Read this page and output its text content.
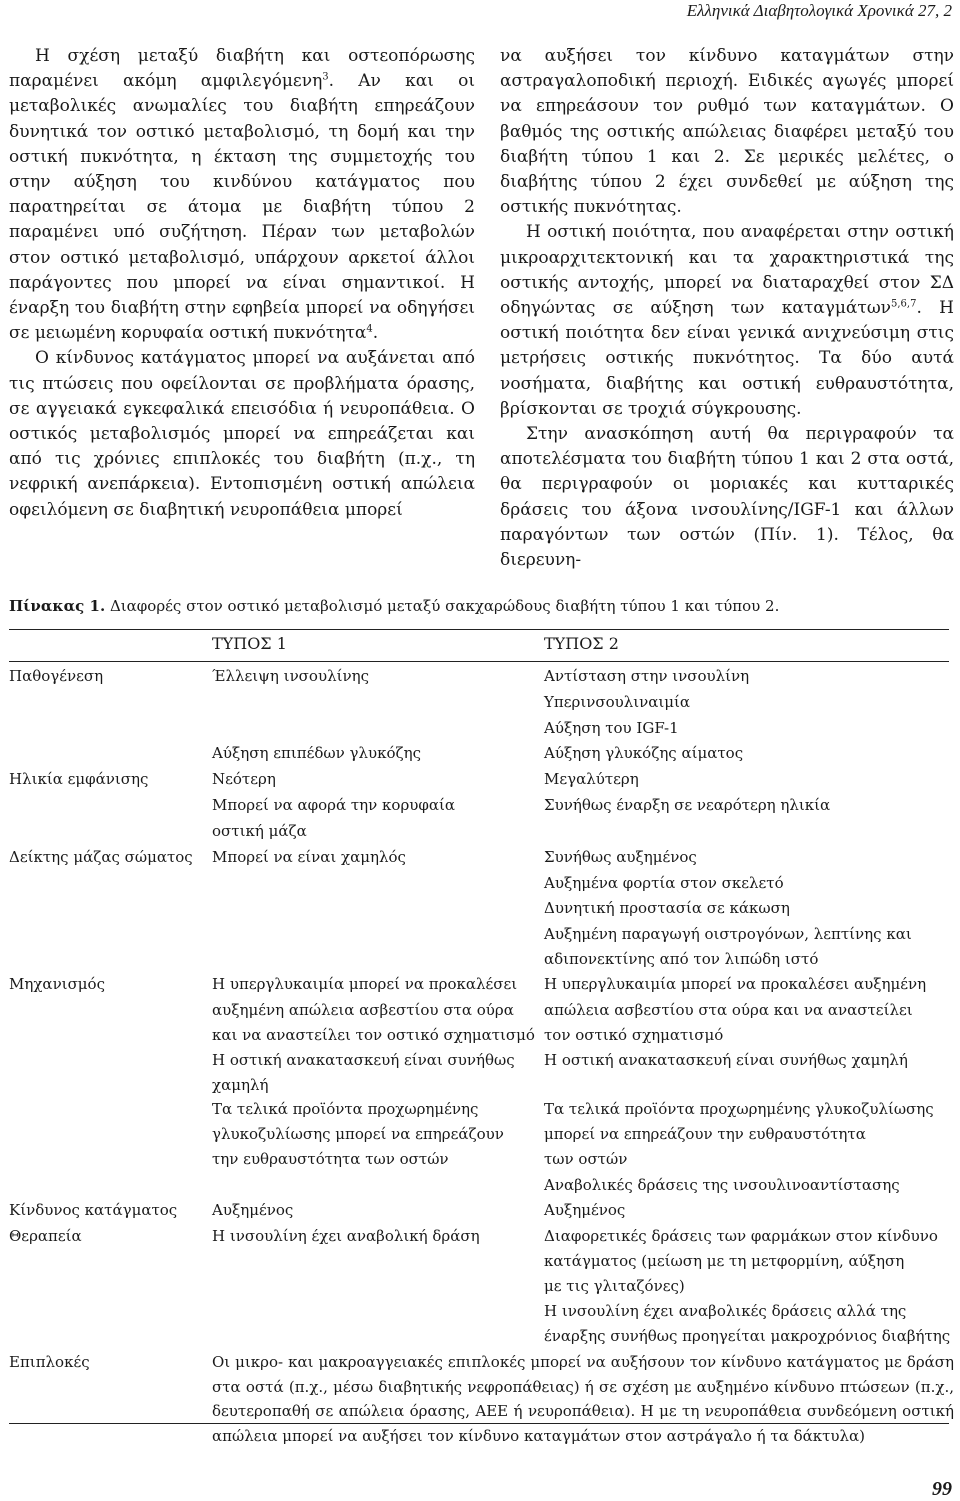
Ελληνικά Διαβητολογικά Χρονικά 27, 2

Η σχέση μεταξύ διαβήτη και οστεοπόρωσης παραμένει ακόμη αμφιλεγόμενη$^3$. Αν και οι μεταβολικές ανωμαλίες του διαβήτη επηρεάζουν δυνητικά τον οστικό μεταβολισμό, τη δομή και την οστική πυκνότητα, η έκταση της συμμετοχής του στην αύξηση του κινδύνου κατάγματος που παρατηρείται σε άτομα με διαβήτη τύπου 2 παραμένει υπό συζήτηση. Πέραν των μεταβολών στον οστικό μεταβολισμό, υπάρχουν αρκετοί άλλοι παράγοντες που μπορεί να είναι σημαντικοί. Η έναρξη του διαβήτη στην εφηβεία μπορεί να οδηγήσει σε μειωμένη κορυφαία οστική πυκνότητα$^4$.

Ο κίνδυνος κατάγματος μπορεί να αυξάνεται από τις πτώσεις που οφείλονται σε προβλήματα όρασης, σε αγγειακά εγκεφαλικά επεισόδια ή νευροπάθεια. Ο οστικός μεταβολισμός μπορεί να επηρεάζεται και από τις χρόνιες επιπλοκές του διαβήτη (π.χ., τη νεφρική ανεπάρκεια). Εντοπισμένη οστική απώλεια οφειλόμενη σε διαβητική νευροπάθεια μπορεί

να αυξήσει τον κίνδυνο καταγμάτων στην αστραγαλοποδική περιοχή. Ειδικές αγωγές μπορεί να επηρεάσουν τον ρυθμό των καταγμάτων. Ο βαθμός της οστικής απώλειας διαφέρει μεταξύ του διαβήτη τύπου 1 και 2. Σε μερικές μελέτες, ο διαβήτης τύπου 2 έχει συνδεθεί με αύξηση της οστικής πυκνότητας.

Η οστική ποιότητα, που αναφέρεται στην οστική μικροαρχιτεκτονική και τα χαρακτηριστικά της οστικής αντοχής, μπορεί να διαταραχθεί στον ΣΔ οδηγώντας σε αύξηση των καταγμάτων$^{5,6,7}$. Η οστική ποιότητα δεν είναι γενικά ανιχνεύσιμη στις μετρήσεις οστικής πυκνότητος. Τα δύο αυτά νοσήματα, διαβήτης και οστική ευθραυστότητα, βρίσκονται σε τροχιά σύγκρουσης.

Στην ανασκόπηση αυτή θα περιγραφούν τα αποτελέσματα του διαβήτη τύπου 1 και 2 στα οστά, θα περιγραφούν οι μοριακές και κυτταρικές δράσεις του άξονα ινσουλίνης/IGF-1 και άλλων παραγόντων των οστών (Πίν. 1). Τέλος, θα διερευνη-

Πίνακας 1. Διαφορές στον οστικό μεταβολισμό μεταξύ σακχαρώδους διαβήτη τύπου 1 και τύπου 2.
ΤΥΠΟΣ 1	ΤΥΠΟΣ 2
Παθογένεση
Ηλικία εμφάνισης
Δείκτης μάζας σώματος
Μηχανισμός
Κίνδυνος κατάγματος
Θεραπεία
Επιπλοκές
Έλλειψη ινσουλίνης
Αύξηση επιπέδων γλυκόζης
Νεότερη
Μπορεί να αφορά την κορυφαία
οστική μάζα
Μπορεί να είναι χαμηλός
Η υπεργλυκαιμία μπορεί να προκαλέσει
αυξημένη απώλεια ασβεστίου στα ούρα
και να αναστείλει τον οστικό σχηματισμό
Η οστική ανακατασκευή είναι συνήθως
χαμηλή
Τα τελικά προϊόντα προχωρημένης
γλυκοζυλίωσης μπορεί να επηρεάζουν
την ευθραυστότητα των οστών
Αυξημένος
Η ινσουλίνη έχει αναβολική δράση
Αντίσταση στην ινσουλίνη
Υπερινσουλιναιμία
Αύξηση του IGF-1
Αύξηση γλυκόζης αίματος
Μεγαλύτερη
Συνήθως έναρξη σε νεαρότερη ηλικία
Συνήθως αυξημένος
Αυξημένα φορτία στον σκελετό
Δυνητική προστασία σε κάκωση
Αυξημένη παραγωγή οιστρογόνων, λεπτίνης και
αδιπονεκτίνης από τον λιπώδη ιστό
Η υπεργλυκαιμία μπορεί να προκαλέσει αυξημένη
απώλεια ασβεστίου στα ούρα και να αναστείλει
τον οστικό σχηματισμό
Η οστική ανακατασκευή είναι συνήθως χαμηλή
Τα τελικά προϊόντα προχωρημένης γλυκοζυλίωσης
μπορεί να επηρεάζουν την ευθραυστότητα
των οστών
Αναβολικές δράσεις της ινσουλινοαντίστασης
Αυξημένος
Διαφορετικές δράσεις των φαρμάκων στον κίνδυνο
κατάγματος (μείωση με τη μετφορμίνη, αύξηση
με τις γλιταζόνες)
Η ινσουλίνη έχει αναβολικές δράσεις αλλά της
έναρξης συνήθως προηγείται μακροχρόνιος διαβήτης
Οι μικρο- και μακροαγγειακές επιπλοκές μπορεί να αυξήσουν τον κίνδυνο κατάγματος με δράση στα οστά (π.χ., μέσω διαβητικής νεφροπάθειας) ή σε σχέση με αυξημένο κίνδυνο πτώσεων (π.χ., δευτεροπαθή σε απώλεια όρασης, ΑΕΕ ή νευροπάθεια). Η με τη νευροπάθεια συνδεόμενη οστική απώλεια μπορεί να αυξήσει τον κίνδυνο καταγμάτων στον αστράγαλο ή τα δάκτυλα)
99
